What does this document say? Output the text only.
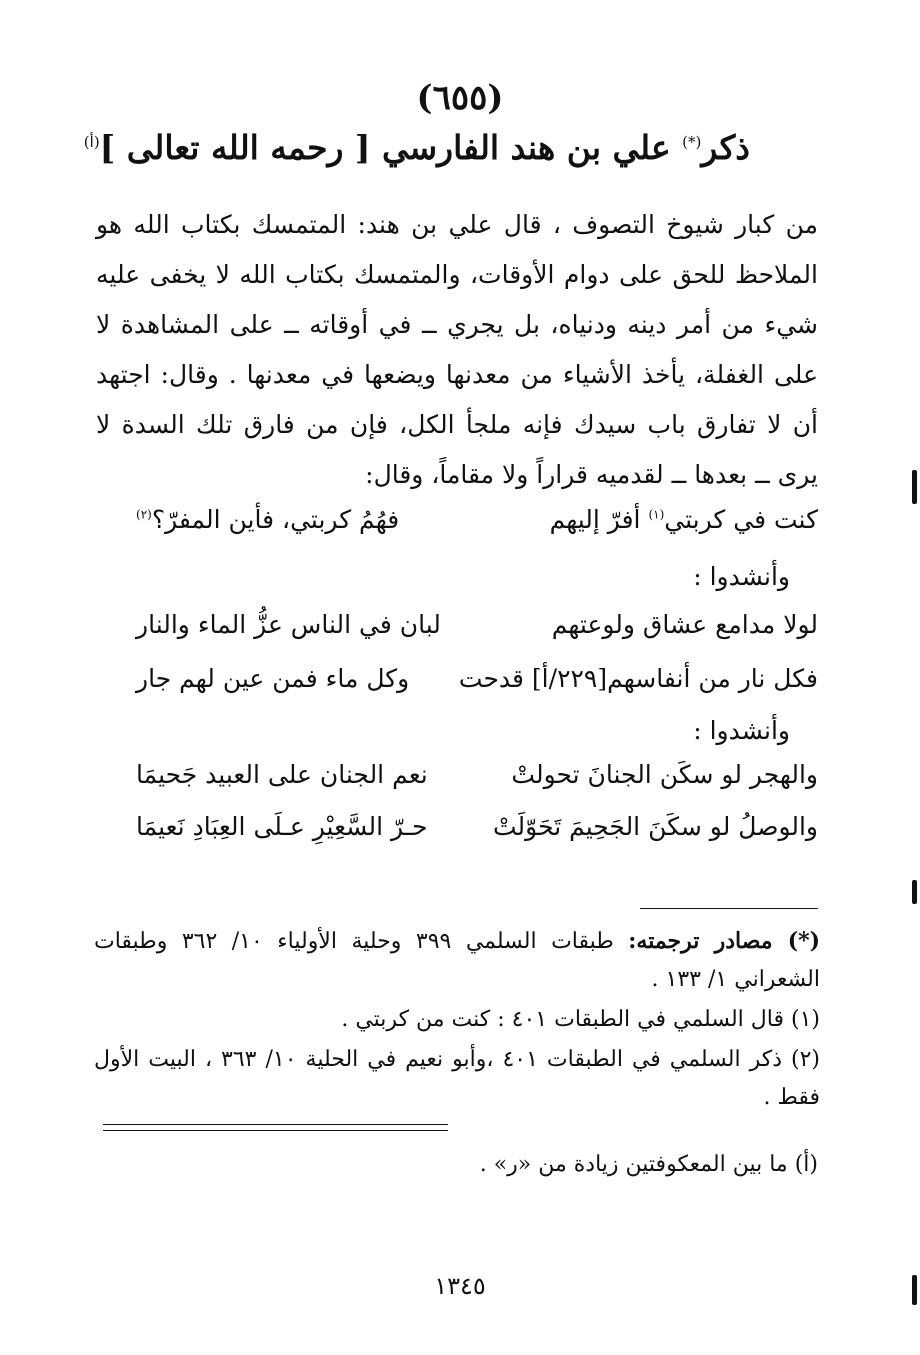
(٦٥٥)
ذكر(*) علي بن هند الفارسي [ رحمه الله تعالى ]$^{(أ)}$

من كبار شيوخ التصوف ، قال علي بن هند: المتمسك بكتاب الله هو الملاحظ للحق على دوام الأوقات، والمتمسك بكتاب الله لا يخفى عليه شيء من أمر دينه ودنياه، بل يجري ــ في أوقاته ــ على المشاهدة لا على الغفلة، يأخذ الأشياء من معدنها ويضعها في معدنها . وقال: اجتهد أن لا تفارق باب سيدك فإنه ملجأ الكل، فإن من فارق تلك السدة لا يرى ــ بعدها ــ لقدميه قراراً ولا مقاماً، وقال:

كنت في كربتي$^{(١)}$ أفرّ إليهم
فهُمُ كربتي، فأين المفرّ؟$^{(٢)}$
وأنشدوا :
لولا مدامع عشاق ولوعتهم
لبان في الناس عزُّ الماء والنار
فكل نار من أنفاسهم[٢٢٩/أ] قدحت
وكل ماء فمن عين لهم جار
وأنشدوا :
والهجر لو سكَن الجنانَ تحولتْ
نعم الجنان على العبيد جَحيمَا
والوصلُ لو سكَنَ الجَحِيمَ تَحَوّلَتْ
حـرّ السَّعِيْرِ عـلَى العِبَادِ نَعيمَا

(*) مصادر ترجمته: طبقات السلمي ٣٩٩ وحلية الأولياء ١٠/ ٣٦٢ وطبقات الشعراني ١/ ١٣٣ .

(١) قال السلمي في الطبقات ٤٠١ : كنت من كربتي .

(٢) ذكر السلمي في الطبقات ٤٠١ ،وأبو نعيم في الحلية ١٠/ ٣٦٣ ، البيت الأول فقط .

(أ) ما بين المعكوفتين زيادة من «ر» .
١٣٤٥
